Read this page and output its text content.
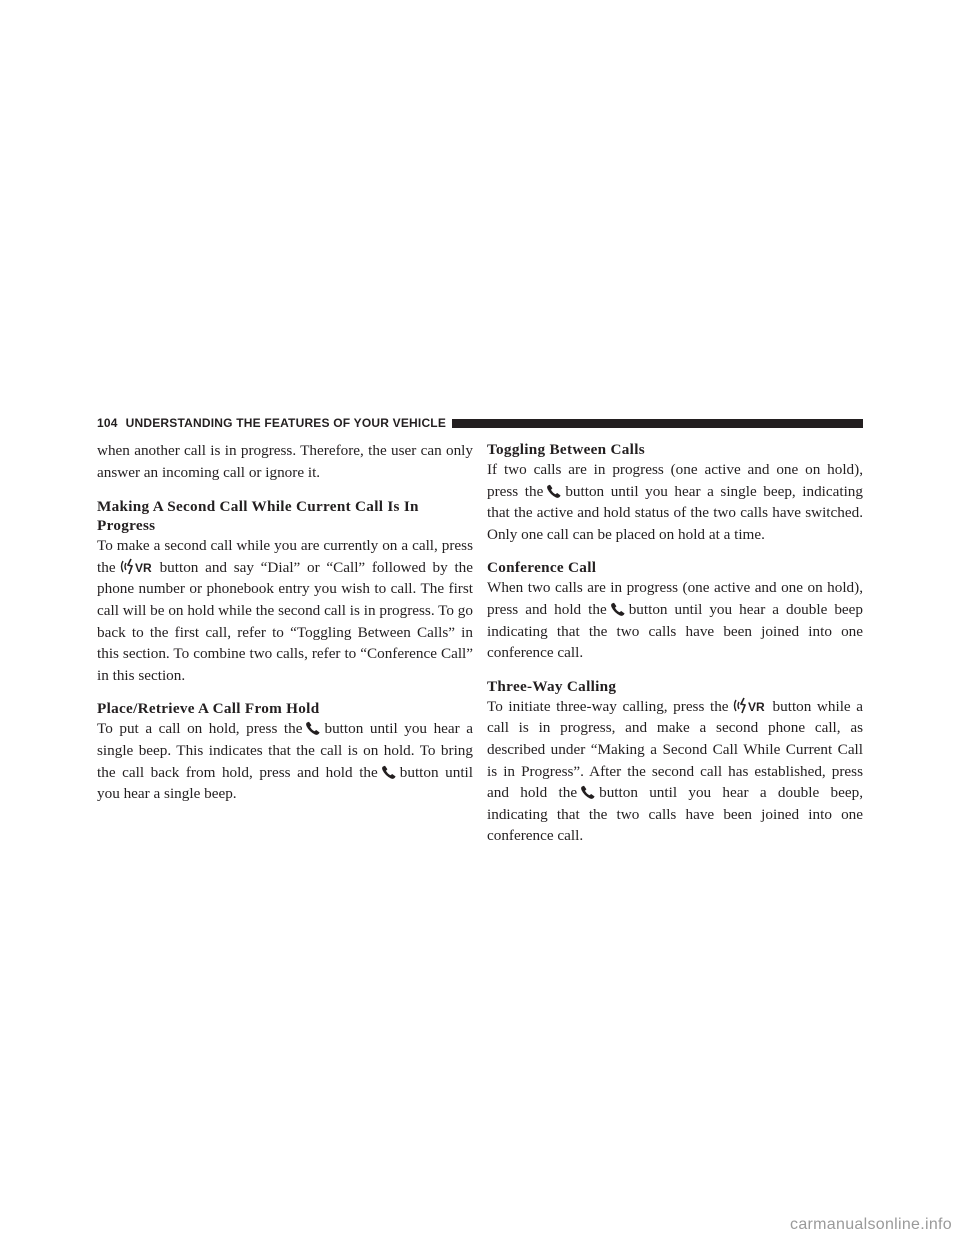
104 UNDERSTANDING THE FEATURES OF YOUR VEHICLE

when another call is in progress. Therefore, the user can only answer an incoming call or ignore it.

Making A Second Call While Current Call Is In Progress

To make a second call while you are currently on a call, press the VR button and say “Dial” or “Call” followed by the phone number or phonebook entry you wish to call. The first call will be on hold while the second call is in progress. To go back to the first call, refer to “Toggling Between Calls” in this section. To combine two calls, refer to “Conference Call” in this section.

Place/Retrieve A Call From Hold

To put a call on hold, press the button until you hear a single beep. This indicates that the call is on hold. To bring the call back from hold, press and hold the button until you hear a single beep.

Toggling Between Calls

If two calls are in progress (one active and one on hold), press the button until you hear a single beep, indicating that the active and hold status of the two calls have switched. Only one call can be placed on hold at a time.

Conference Call

When two calls are in progress (one active and one on hold), press and hold the button until you hear a double beep indicating that the two calls have been joined into one conference call.

Three-Way Calling

To initiate three-way calling, press the VR button while a call is in progress, and make a second phone call, as described under “Making a Second Call While Current Call is in Progress”. After the second call has established, press and hold the button until you hear a double beep, indicating that the two calls have been joined into one conference call.

carmanualsonline.info
